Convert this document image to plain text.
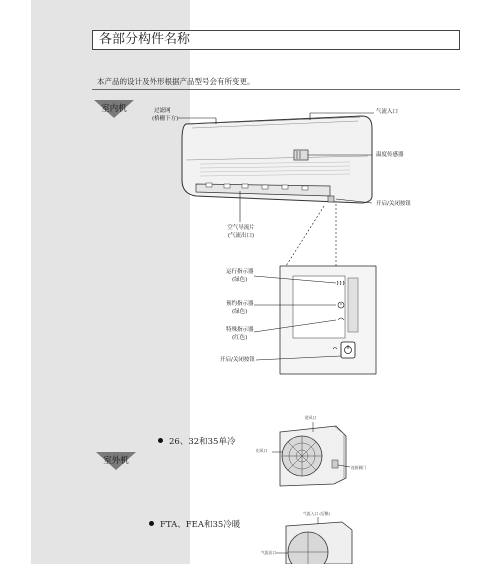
各部分构件名称
本产品的设计及外形根据产品型号会有所变更。
室内机
室外机
过滤网
(格栅下方)
气流入口
温度传感器
开启/关闭按钮
空气导流片
(气流出口)
运行指示器
(绿色)
预约指示器
(绿色)
特殊指示器
(红色)
开启/关闭按钮
26、32和35单冷
FTA、FEA和35冷暖
进风口
出风口
连接阀门
气流入口 (后侧)
气流出口
